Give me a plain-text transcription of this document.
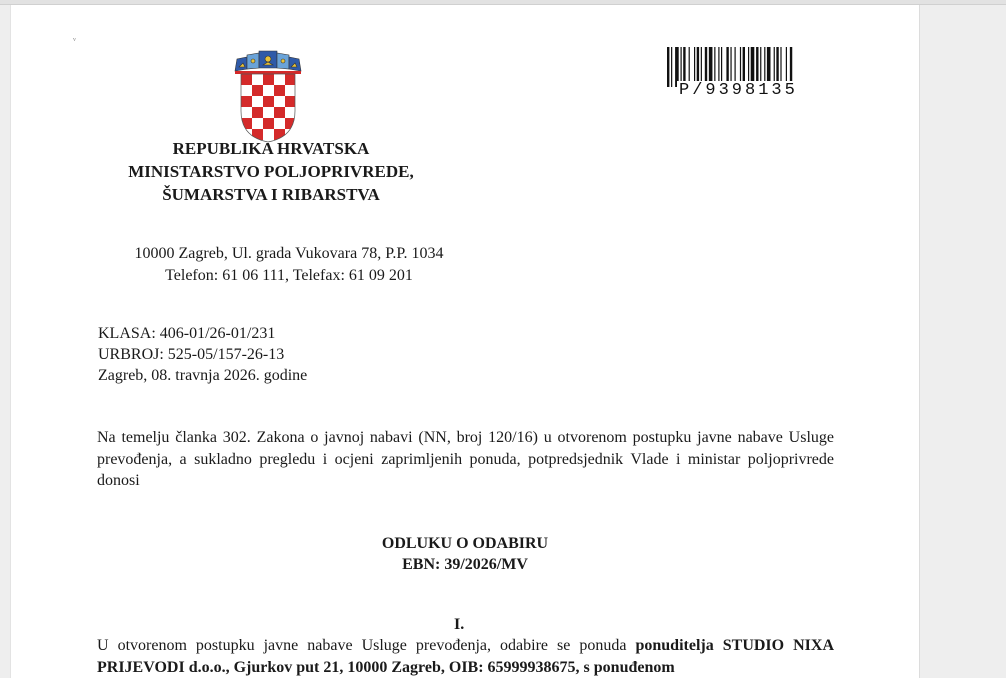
ᵥ
REPUBLIKA HRVATSKA
MINISTARSTVO POLJOPRIVREDE,
ŠUMARSTVA I RIBARSTVA
P/9398135
10000 Zagreb, Ul. grada Vukovara 78, P.P. 1034
Telefon: 61 06 111, Telefax: 61 09 201
KLASA: 406-01/26-01/231
URBROJ: 525-05/157-26-13
Zagreb, 08. travnja 2026. godine
Na temelju članka 302. Zakona o javnoj nabavi (NN, broj 120/16) u otvorenom postupku javne nabave Usluge prevođenja, a sukladno pregledu i ocjeni zaprimljenih ponuda, potpredsjednik Vlade i ministar poljoprivrede donosi
ODLUKU O ODABIRU
EBN: 39/2026/MV
I.
U otvorenom postupku javne nabave Usluge prevođenja, odabire se ponuda ponuditelja STUDIO NIXA PRIJEVODI d.o.o., Gjurkov put 21, 10000 Zagreb, OIB: 65999938675, s ponuđenom
